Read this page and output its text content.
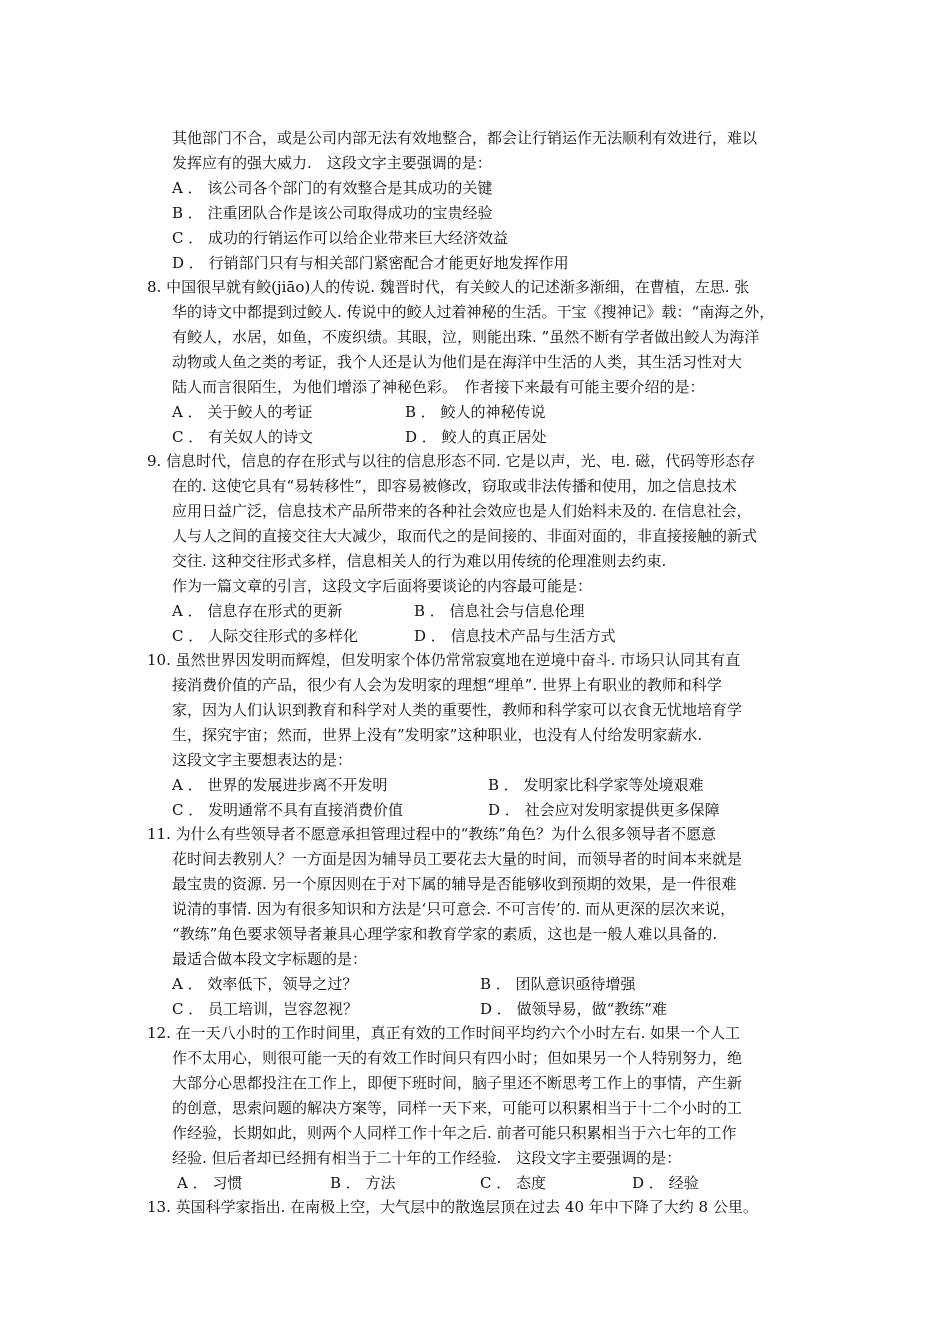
其他部门不合，或是公司内部无法有效地整合，都会让行销运作无法顺利有效进行，难以
发挥应有的强大威力.　这段文字主要强调的是：
A ． 该公司各个部门的有效整合是其成功的关键
B ． 注重团队合作是该公司取得成功的宝贵经验
C ． 成功的行销运作可以给企业带来巨大经济效益
D ． 行销部门只有与相关部门紧密配合才能更好地发挥作用
8. 中国很早就有鲛(jiāo)人的传说. 魏晋时代，有关鲛人的记述渐多渐细，在曹植，左思. 张
华的诗文中都提到过鲛人. 传说中的鲛人过着神秘的生活。干宝《搜神记》载：“南海之外，
有鲛人，水居，如鱼，不废织绩。其眼，泣，则能出珠. ”虽然不断有学者做出鲛人为海洋
动物或人鱼之类的考证，我个人还是认为他们是在海洋中生活的人类，其生活习性对大
陆人而言很陌生，为他们增添了神秘色彩。　作者接下来最有可能主要介绍的是：
A ． 关于鲛人的考证	B ． 鲛人的神秘传说
C ． 有关奴人的诗文	D ． 鲛人的真正居处
9. 信息时代，信息的存在形式与以往的信息形态不同. 它是以声，光、电. 磁，代码等形态存
在的. 这使它具有“易转移性”，即容易被修改，窃取或非法传播和使用，加之信息技术
应用日益广泛，信息技术产品所带来的各种社会效应也是人们始料未及的. 在信息社会，
人与人之间的直接交往大大减少，取而代之的是间接的、非面对面的，非直接接触的新式
交往. 这种交往形式多样，信息相关人的行为难以用传统的伦理准则去约束.
作为一篇文章的引言，这段文字后面将要谈论的内容最可能是：
A ． 信息存在形式的更新	B ． 信息社会与信息伦理
C ． 人际交往形式的多样化	D ． 信息技术产品与生活方式
10. 虽然世界因发明而辉煌，但发明家个体仍常常寂寞地在逆境中奋斗. 市场只认同其有直
接消费价值的产品，很少有人会为发明家的理想“埋单”. 世界上有职业的教师和科学
家，因为人们认识到教育和科学对人类的重要性，教师和科学家可以衣食无忧地培育学
生，探究宇宙；然而，世界上没有”发明家”这种职业，也没有人付给发明家薪水.
这段文字主要想表达的是：
A ． 世界的发展进步离不开发明	B ． 发明家比科学家等处境艰难
C ． 发明通常不具有直接消费价值	D ． 社会应对发明家提供更多保障
11. 为什么有些领导者不愿意承担管理过程中的“教练”角色？为什么很多领导者不愿意
花时间去教别人？一方面是因为辅导员工要花去大量的时间，而领导者的时间本来就是
最宝贵的资源. 另一个原因则在于对下属的辅导是否能够收到预期的效果，是一件很难
说清的事情. 因为有很多知识和方法是‘只可意会. 不可言传’的. 而从更深的层次来说，
“教练”角色要求领导者兼具心理学家和教育学家的素质，这也是一般人难以具备的.
最适合做本段文字标题的是：
A ． 效率低下，领导之过？	B ． 团队意识亟待增强
C ． 员工培训，岂容忽视？	D ． 做领导易，做“教练”难
12. 在一天八小时的工作时间里，真正有效的工作时间平均约六个小时左右. 如果一个人工
作不太用心，则很可能一天的有效工作时间只有四小时；但如果另一个人特别努力，绝
大部分心思都投注在工作上，即便下班时间，脑子里还不断思考工作上的事情，产生新
的创意，思索问题的解决方案等，同样一天下来，可能可以积累相当于十二个小时的工
作经验，长期如此，则两个人同样工作十年之后. 前者可能只积累相当于六七年的工作
经验. 但后者却已经拥有相当于二十年的工作经验.　这段文字主要强调的是：
A ． 习惯	B ． 方法	C ． 态度	D ． 经验
13. 英国科学家指出. 在南极上空，大气层中的散逸层顶在过去 40 年中下降了大约 8 公里。
